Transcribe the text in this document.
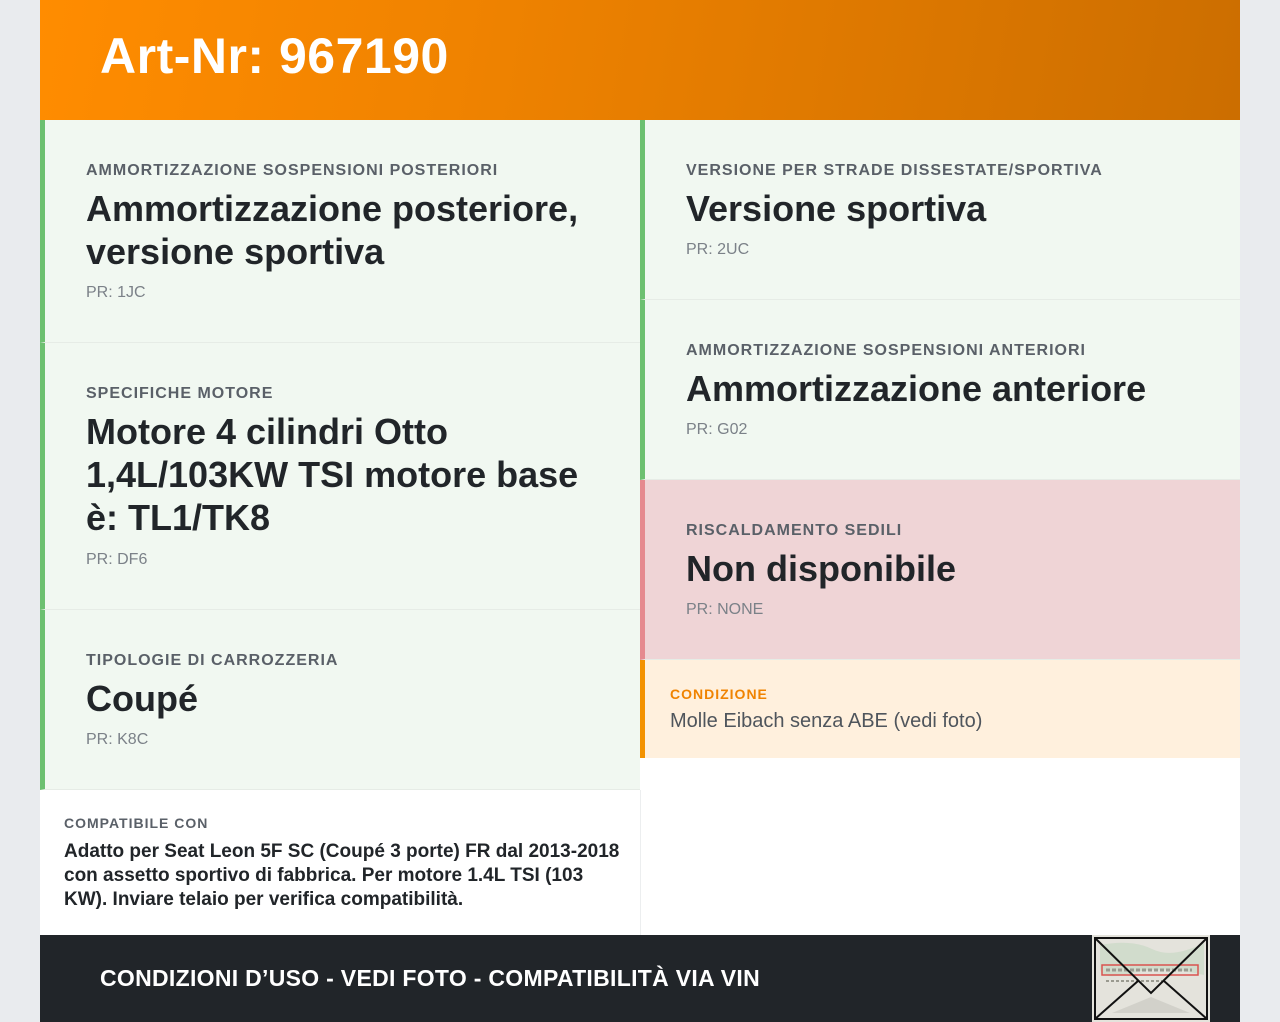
Art-Nr: 967190
AMMORTIZZAZIONE SOSPENSIONI POSTERIORI
Ammortizzazione posteriore, versione sportiva
PR: 1JC
SPECIFICHE MOTORE
Motore 4 cilindri Otto 1,4L/103KW TSI motore base è: TL1/TK8
PR: DF6
TIPOLOGIE DI CARROZZERIA
Coupé
PR: K8C
VERSIONE PER STRADE DISSESTATE/SPORTIVA
Versione sportiva
PR: 2UC
AMMORTIZZAZIONE SOSPENSIONI ANTERIORI
Ammortizzazione anteriore
PR: G02
RISCALDAMENTO SEDILI
Non disponibile
PR: NONE
CONDIZIONE
Molle Eibach senza ABE (vedi foto)
COMPATIBILE CON
Adatto per Seat Leon 5F SC (Coupé 3 porte) FR dal 2013-2018 con assetto sportivo di fabbrica. Per motore 1.4L TSI (103 KW). Inviare telaio per verifica compatibilità.
CONDIZIONI D’USO - VEDI FOTO - COMPATIBILITÀ VIA VIN
